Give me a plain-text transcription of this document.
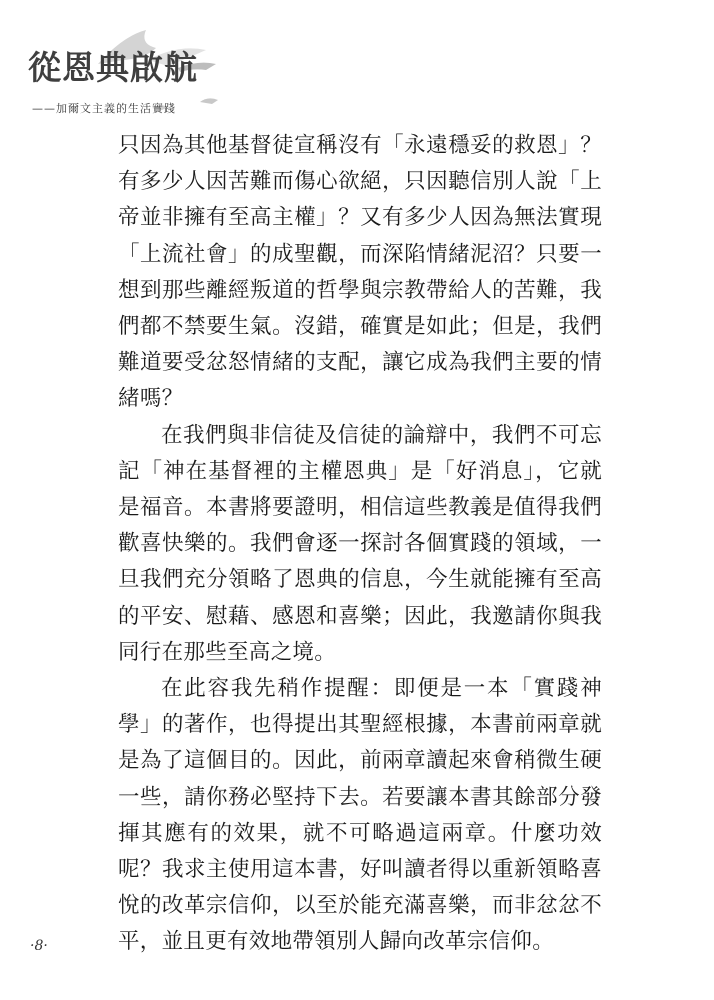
從恩典啟航
——加爾文主義的生活實踐

只因為其他基督徒宣稱沒有「永遠穩妥的救恩」？有多少人因苦難而傷心欲絕，只因聽信別人說「上帝並非擁有至高主權」？又有多少人因為無法實現「上流社會」的成聖觀，而深陷情緒泥沼？只要一想到那些離經叛道的哲學與宗教帶給人的苦難，我們都不禁要生氣。沒錯，確實是如此；但是，我們難道要受忿怒情緒的支配，讓它成為我們主要的情緒嗎？

在我們與非信徒及信徒的論辯中，我們不可忘記「神在基督裡的主權恩典」是「好消息」，它就是福音。本書將要證明，相信這些教義是值得我們歡喜快樂的。我們會逐一探討各個實踐的領域，一旦我們充分領略了恩典的信息，今生就能擁有至高的平安、慰藉、感恩和喜樂；因此，我邀請你與我同行在那些至高之境。

在此容我先稍作提醒：即便是一本「實踐神學」的著作，也得提出其聖經根據，本書前兩章就是為了這個目的。因此，前兩章讀起來會稍微生硬一些，請你務必堅持下去。若要讓本書其餘部分發揮其應有的效果，就不可略過這兩章。什麼功效呢？我求主使用這本書，好叫讀者得以重新領略喜悅的改革宗信仰，以至於能充滿喜樂，而非忿忿不平，並且更有效地帶領別人歸向改革宗信仰。

·8·
